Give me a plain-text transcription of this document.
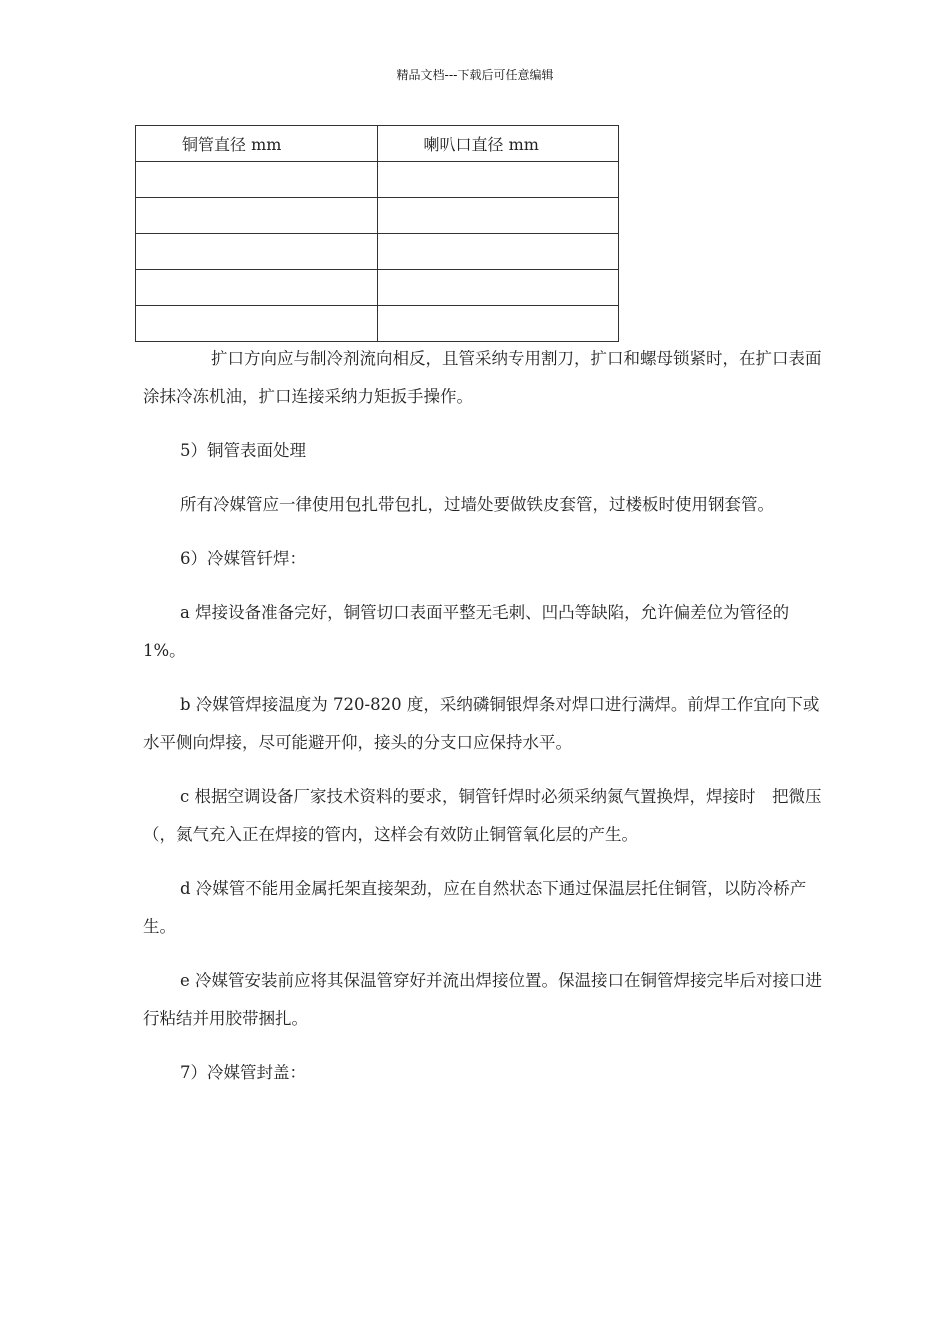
精品文档---下载后可任意编辑
铜管直径 mm	喇叭口直径 mm

扩口方向应与制冷剂流向相反，且管采纳专用割刀，扩口和螺母锁紧时，在扩口表面涂抹冷冻机油，扩口连接采纳力矩扳手操作。

5）铜管表面处理

所有冷媒管应一律使用包扎带包扎，过墙处要做铁皮套管，过楼板时使用钢套管。

6）冷媒管钎焊：

a 焊接设备准备完好，铜管切口表面平整无毛刺、凹凸等缺陷，允许偏差位为管径的 1%。

b 冷媒管焊接温度为 720-820 度，采纳磷铜银焊条对焊口进行满焊。前焊工作宜向下或水平侧向焊接，尽可能避开仰，接头的分支口应保持水平。

c 根据空调设备厂家技术资料的要求，铜管钎焊时必须采纳氮气置换焊，焊接时　把微压（，氮气充入正在焊接的管内，这样会有效防止铜管氧化层的产生。

d 冷媒管不能用金属托架直接架劲，应在自然状态下通过保温层托住铜管，以防冷桥产生。

e 冷媒管安装前应将其保温管穿好并流出焊接位置。保温接口在铜管焊接完毕后对接口进行粘结并用胶带捆扎。

7）冷媒管封盖：
